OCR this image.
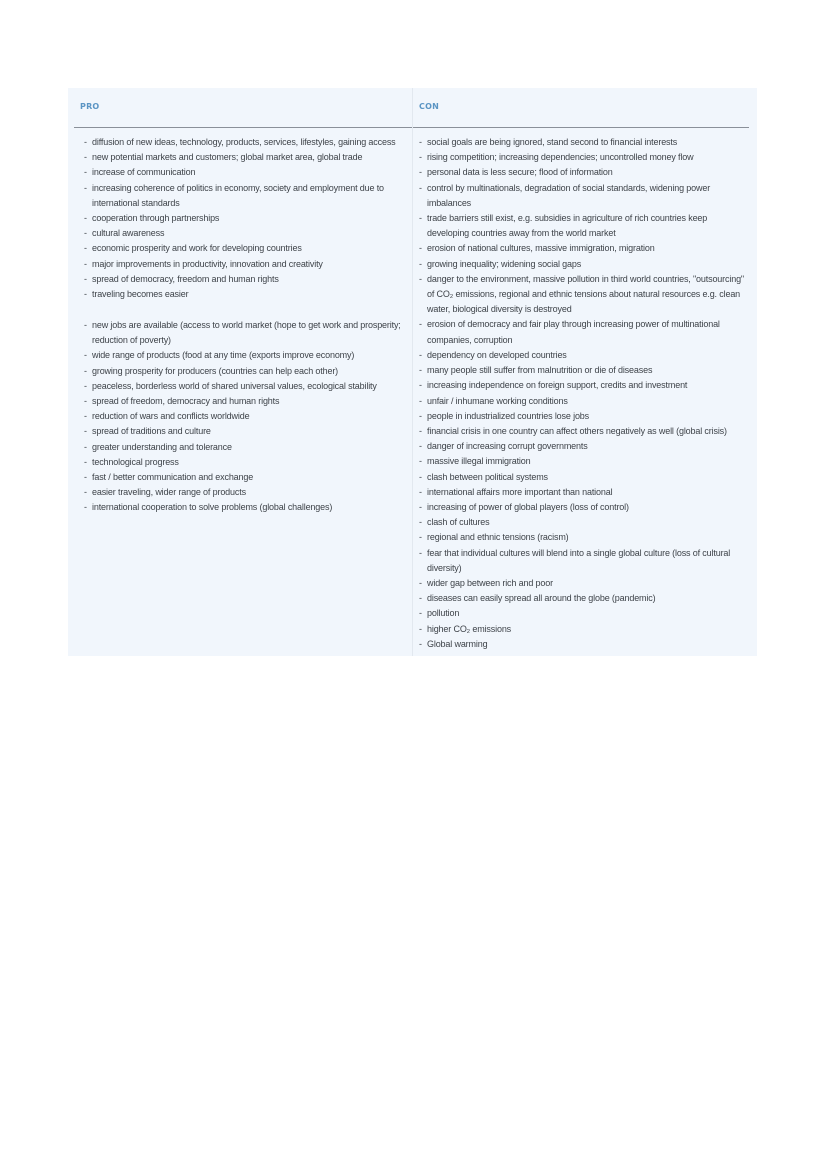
PRO
- diffusion of new ideas, technology, products, services, lifestyles, gaining access
- new potential markets and customers; global market area, global trade
- increase of communication
- increasing coherence of politics in economy, society and employment due to international standards
- cooperation through partnerships
- cultural awareness
- economic prosperity and work for developing countries
- major improvements in productivity, innovation and creativity
- spread of democracy, freedom and human rights
- traveling becomes easier
- new jobs are available (access to world market (hope to get work and prosperity; reduction of poverty)
- wide range of products (food at any time (exports improve economy)
- growing prosperity for producers (countries can help each other)
- peaceless, borderless world of shared universal values, ecological stability
- spread of freedom, democracy and human rights
- reduction of wars and conflicts worldwide
- spread of traditions and culture
- greater understanding and tolerance
- technological progress
- fast / better communication and exchange
- easier traveling, wider range of products
- international cooperation to solve problems (global challenges)
CON
- social goals are being ignored, stand second to financial interests
- rising competition; increasing dependencies; uncontrolled money flow
- personal data is less secure; flood of information
- control by multinationals, degradation of social standards, widening power imbalances
- trade barriers still exist, e.g. subsidies in agriculture of rich countries keep developing countries away from the world market
- erosion of national cultures, massive immigration, migration
- growing inequality; widening social gaps
- danger to the environment, massive pollution in third world countries, "outsourcing" of CO₂ emissions, regional and ethnic tensions about natural resources e.g. clean water, biological diversity is destroyed
- erosion of democracy and fair play through increasing power of multinational companies, corruption
- dependency on developed countries
- many people still suffer from malnutrition or die of diseases
- increasing independence on foreign support, credits and investment
- unfair / inhumane working conditions
- people in industrialized countries lose jobs
- financial crisis in one country can affect others negatively as well (global crisis)
- danger of increasing corrupt governments
- massive illegal immigration
- clash between political systems
- international affairs more important than national
- increasing of power of global players (loss of control)
- clash of cultures
- regional and ethnic tensions (racism)
- fear that individual cultures will blend into a single global culture (loss of cultural diversity)
- wider gap between rich and poor
- diseases can easily spread all around the globe (pandemic)
- pollution
- higher CO₂ emissions
- Global warming
